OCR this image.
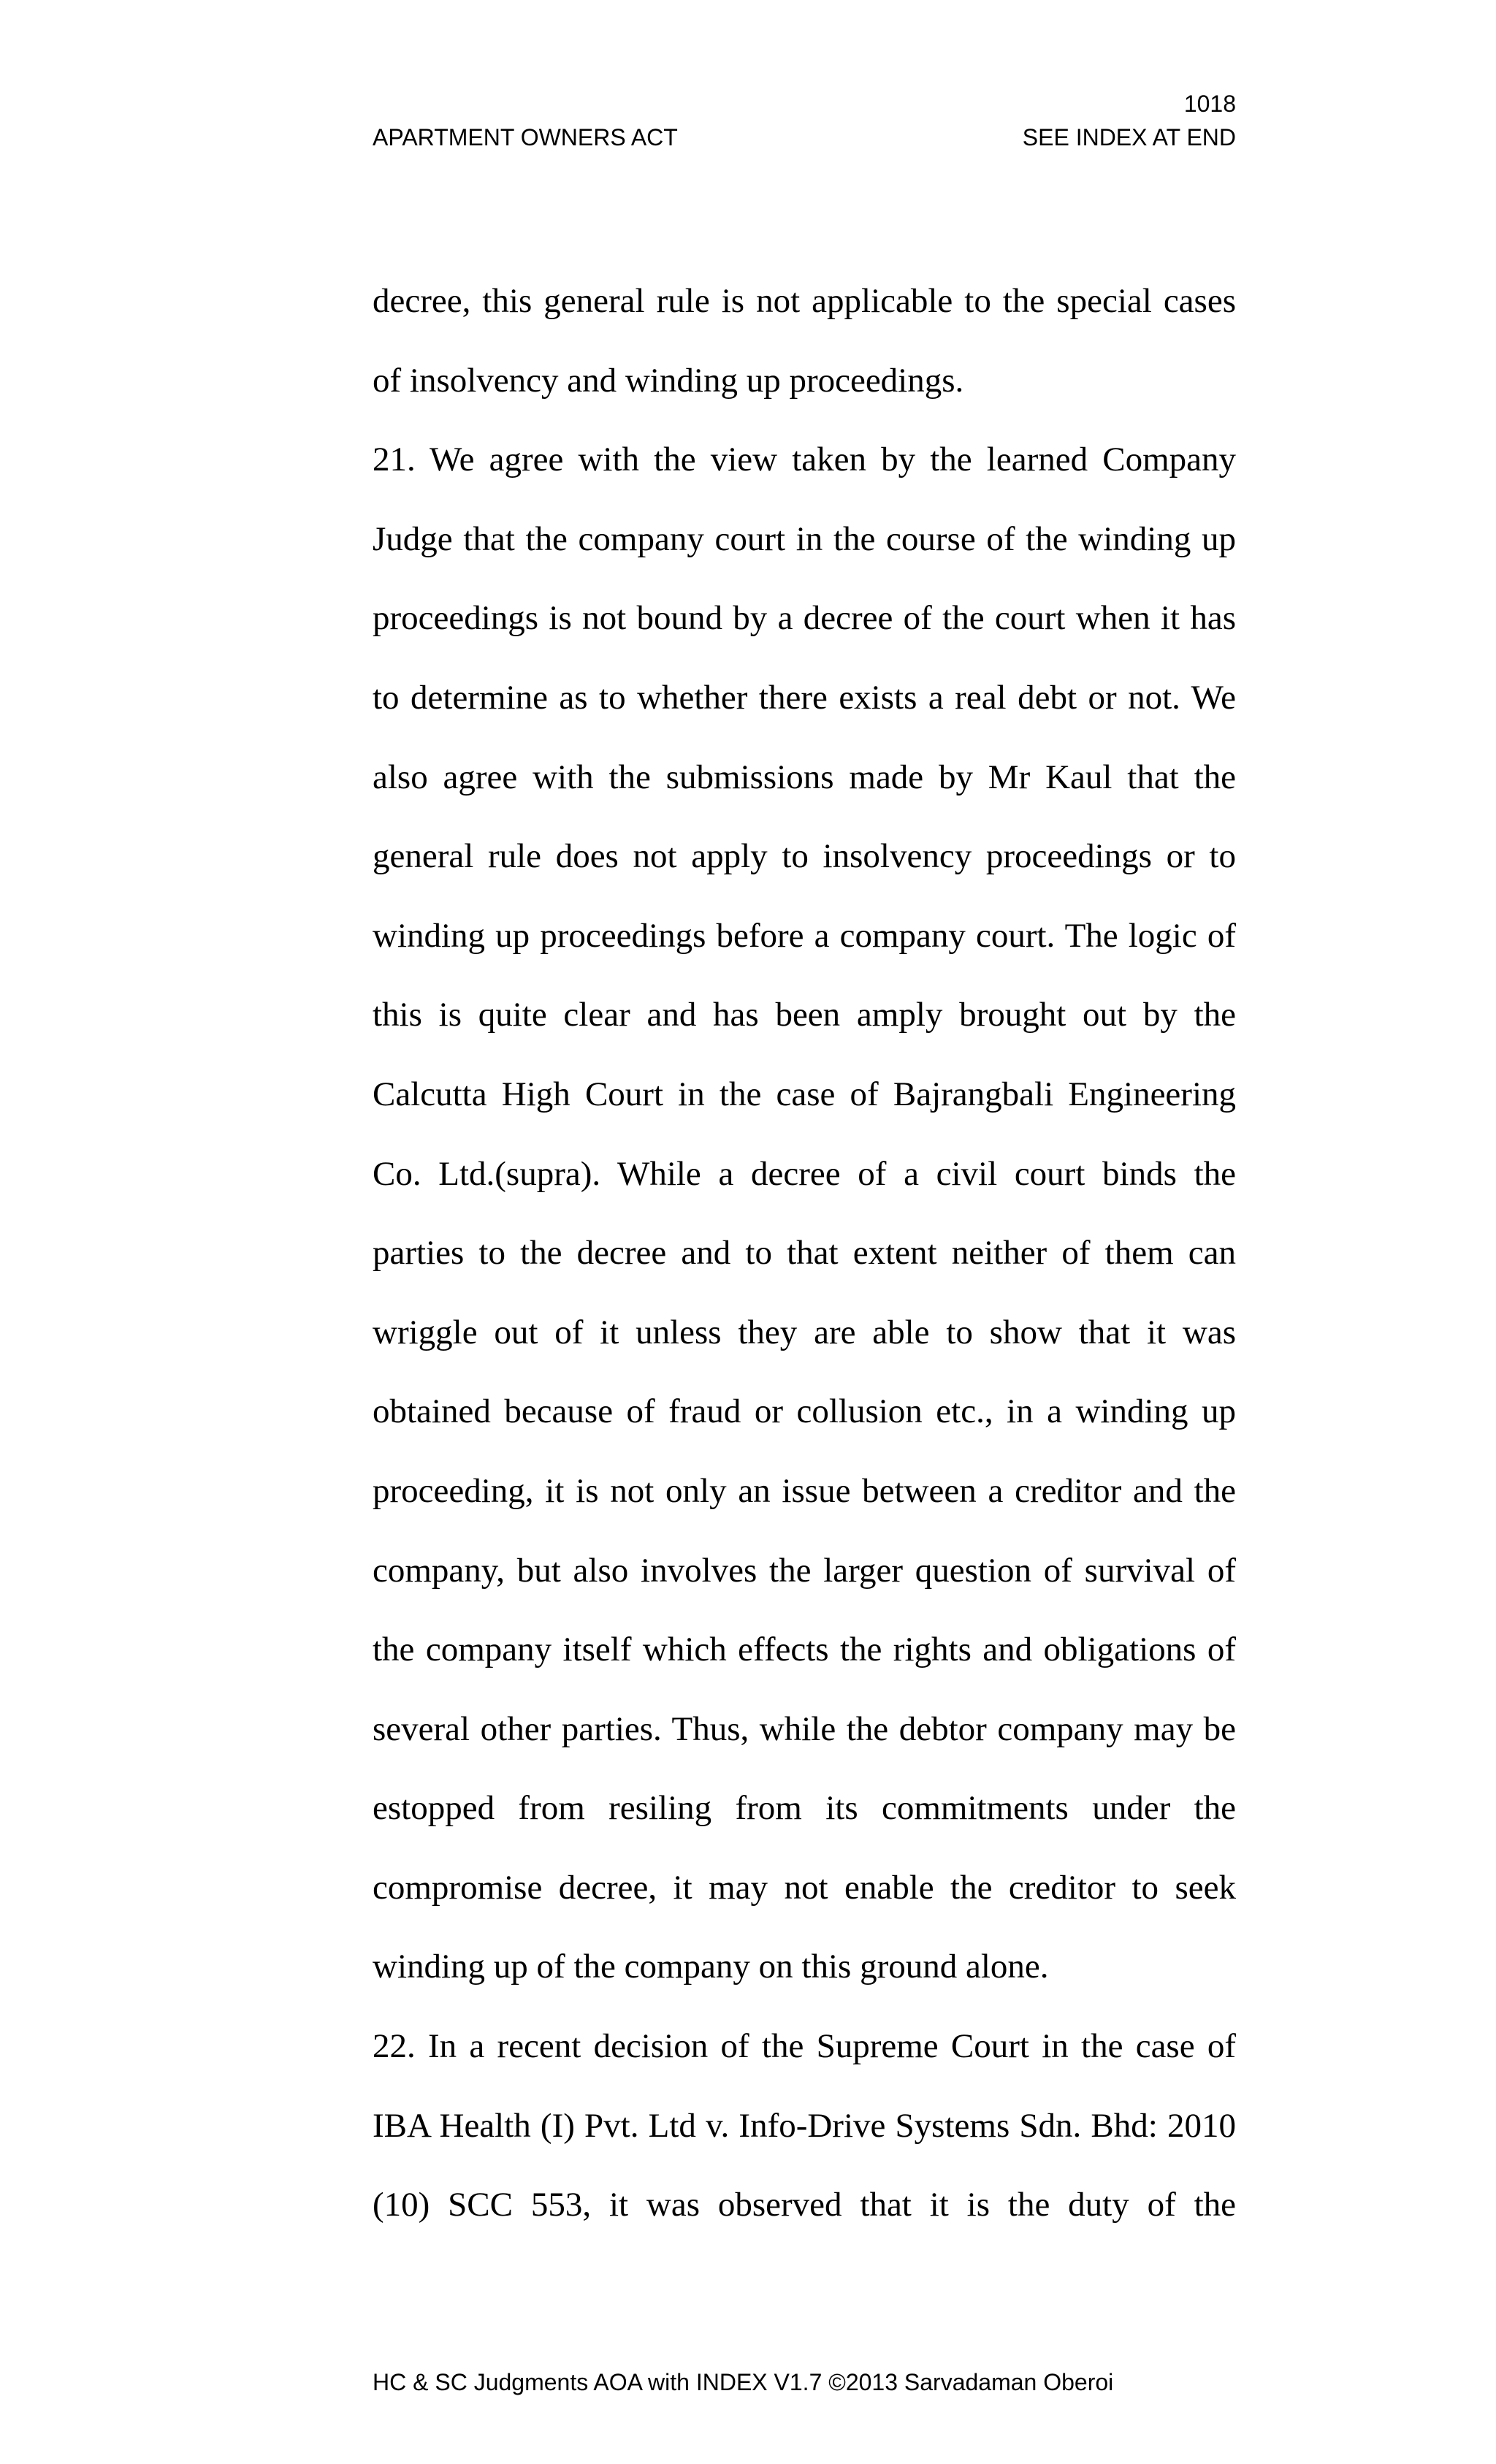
1018
APARTMENT OWNERS ACT	SEE INDEX AT END
decree, this general rule is not applicable to the special cases
of insolvency and winding up proceedings.
21. We agree with the view taken by the learned Company
Judge that the company court in the course of the winding up
proceedings is not bound by a decree of the court when it has
to determine as to whether there exists a real debt or not. We
also agree with the submissions made by Mr Kaul that the
general rule does not apply to insolvency proceedings or to
winding up proceedings before a company court. The logic of
this is quite clear and has been amply brought out by the
Calcutta High Court in the case of Bajrangbali Engineering
Co. Ltd.(supra). While a decree of a civil court binds the
parties to the decree and to that extent neither of them can
wriggle out of it unless they are able to show that it was
obtained because of fraud or collusion etc., in a winding up
proceeding, it is not only an issue between a creditor and the
company, but also involves the larger question of survival of
the company itself which effects the rights and obligations of
several other parties. Thus, while the debtor company may be
estopped from resiling from its commitments under the
compromise decree, it may not enable the creditor to seek
winding up of the company on this ground alone.
22. In a recent decision of the Supreme Court in the case of
IBA Health (I) Pvt. Ltd v. Info-Drive Systems Sdn. Bhd: 2010
(10) SCC 553, it was observed that it is the duty of the
HC & SC Judgments AOA with INDEX V1.7 ©2013 Sarvadaman Oberoi
